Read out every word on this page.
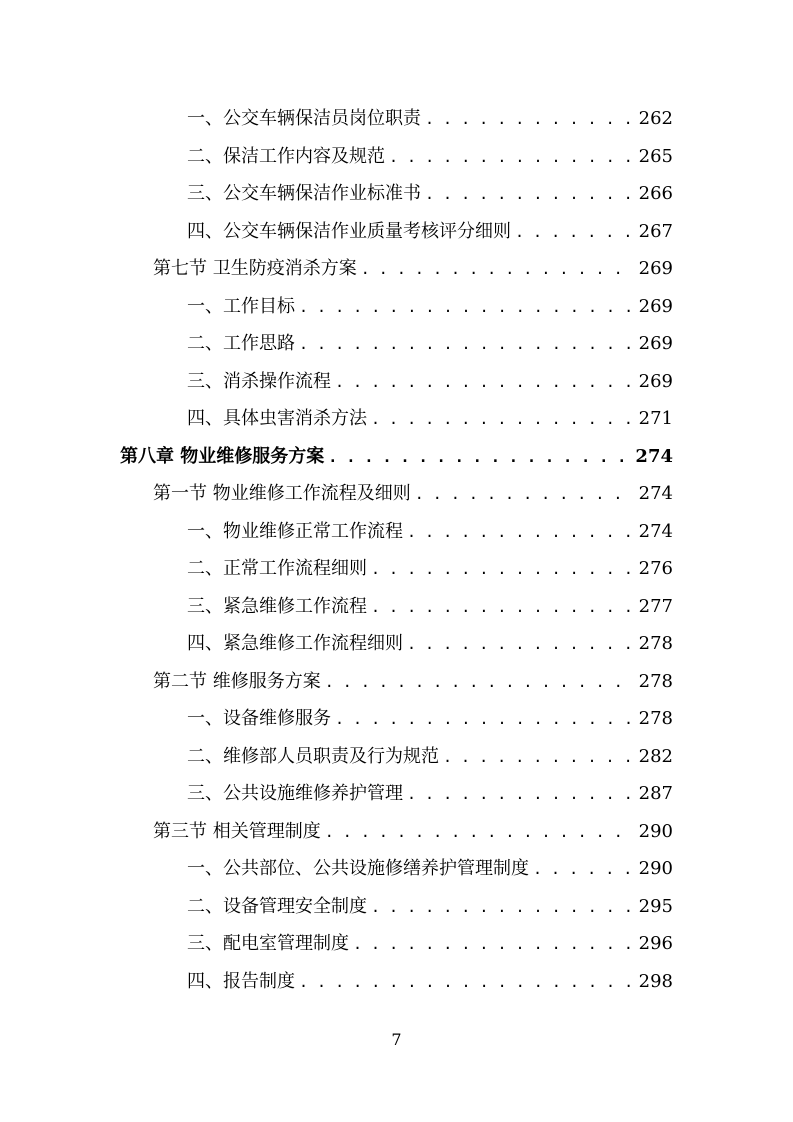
一、公交车辆保洁员岗位职责 . . .	262
二、保洁工作内容及规范 . . .	265
三、公交车辆保洁作业标准书 . . .	266
四、公交车辆保洁作业质量考核评分细则 . . .	267
第七节 卫生防疫消杀方案 . . .	269
一、工作目标 . . .	269
二、工作思路 . . .	269
三、消杀操作流程 . . .	269
四、具体虫害消杀方法 . . .	271
第八章 物业维修服务方案 . . .	274
第一节 物业维修工作流程及细则 . . .	274
一、物业维修正常工作流程 . . .	274
二、正常工作流程细则 . . .	276
三、紧急维修工作流程 . . .	277
四、紧急维修工作流程细则 . . .	278
第二节 维修服务方案 . . .	278
一、设备维修服务 . . .	278
二、维修部人员职责及行为规范 . . .	282
三、公共设施维修养护管理 . . .	287
第三节 相关管理制度 . . .	290
一、公共部位、公共设施修缮养护管理制度 . . .	290
二、设备管理安全制度 . . .	295
三、配电室管理制度 . . .	296
四、报告制度 . . .	298
7
